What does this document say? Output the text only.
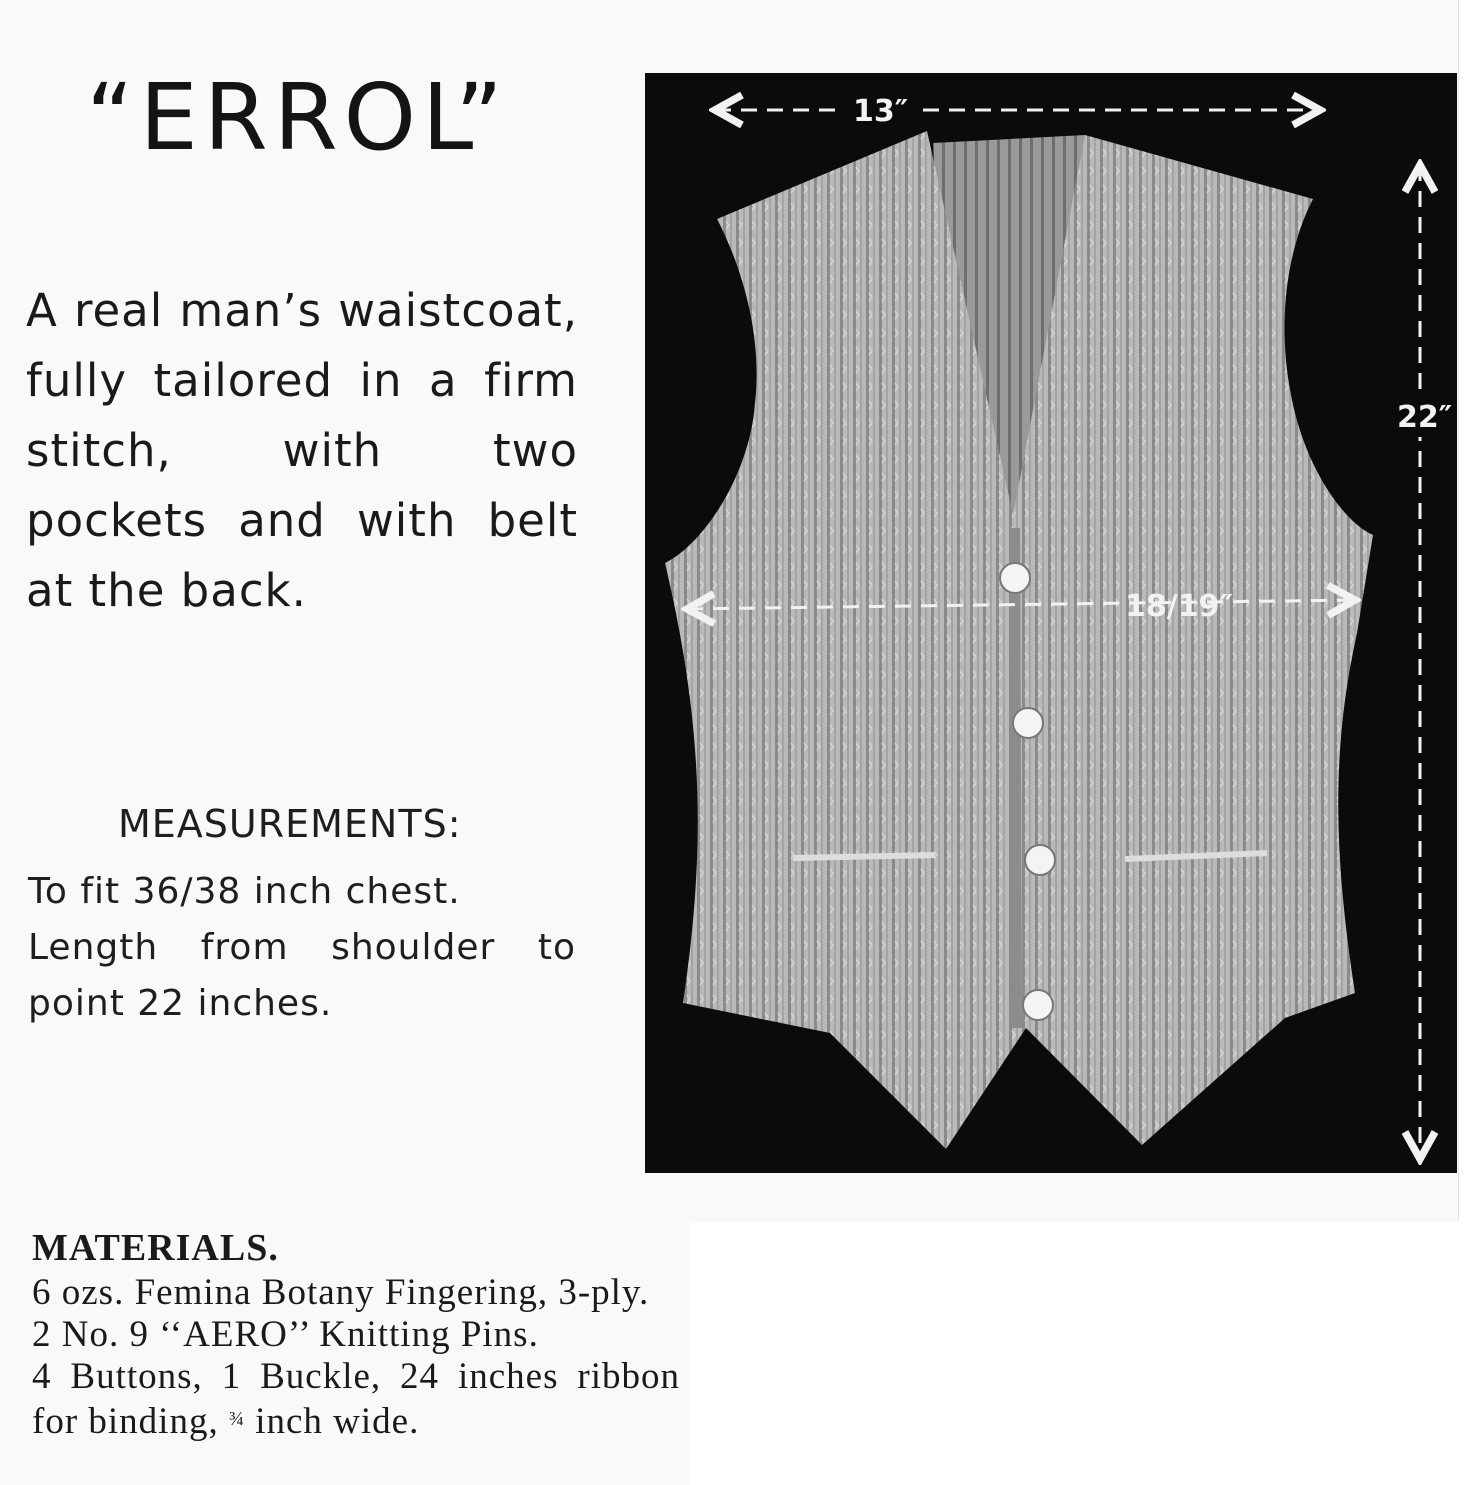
“ERROL”
A real man’s waistcoat, fully tailored in a firm stitch, with two pockets and with belt at the back.
MEASUREMENTS:
To fit 36/38 inch chest.
Length from shoulder to point 22 inches.
MATERIALS.
6 ozs. Femina Botany Fingering, 3-ply.
2 No. 9 ‘‘AERO’’ Knitting Pins.
4 Buttons, 1 Buckle, 24 inches ribbon for binding, $^{\frac{3}{4}}$ inch wide.
13″
22″
18/19″
